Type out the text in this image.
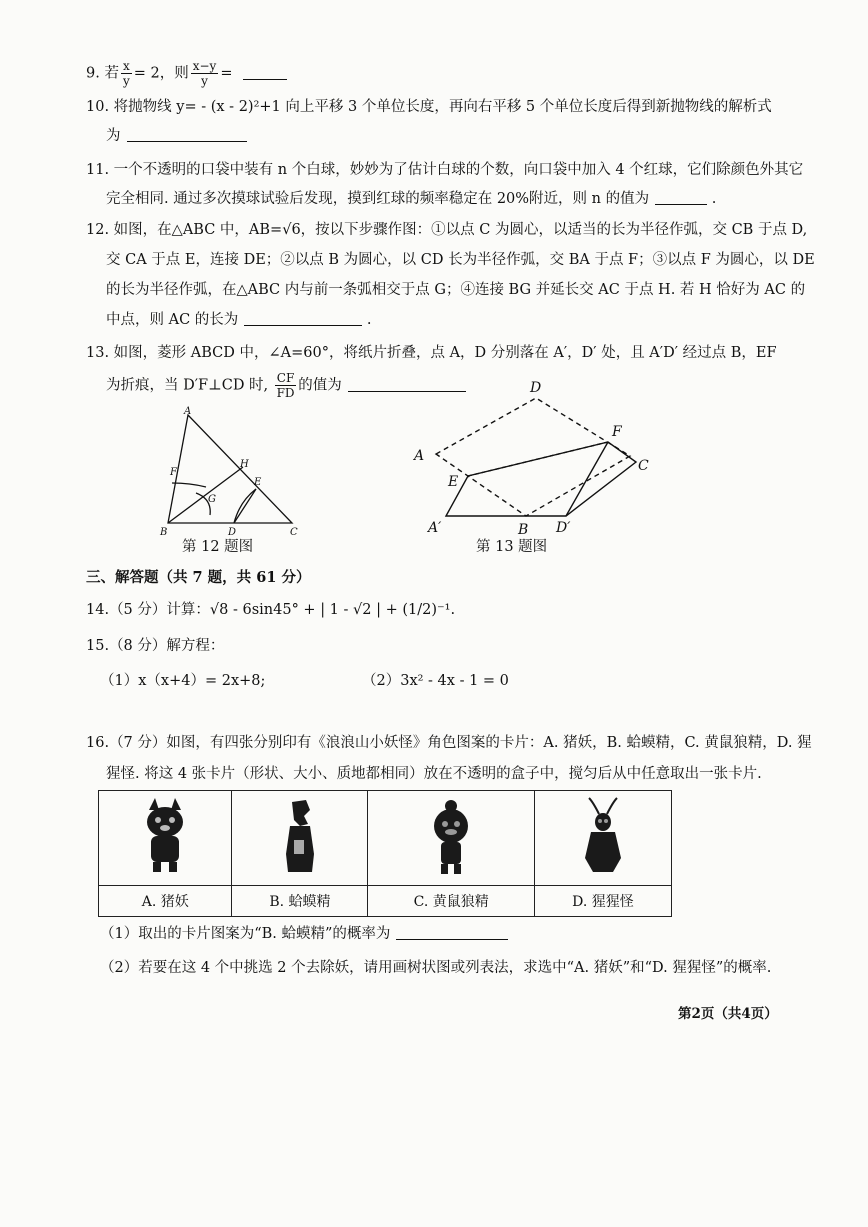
9. 若 $\frac{x}{y} = 2$，则 $\frac{x-y}{y}$ =
10. 将抛物线 y= - (x - 2)²+1 向上平移 3 个单位长度，再向右平移 5 个单位长度后得到新抛物线的解析式
为
11. 一个不透明的口袋中装有 n 个白球，妙妙为了估计白球的个数，向口袋中加入 4 个红球，它们除颜色外其它
完全相同. 通过多次摸球试验后发现，摸到红球的频率稳定在 20%附近，则 n 的值为	.
12. 如图，在△ABC 中，AB=√6，按以下步骤作图：①以点 C 为圆心，以适当的长为半径作弧，交 CB 于点 D,
交 CA 于点 E，连接 DE；②以点 B 为圆心，以 CD 长为半径作弧，交 BA 于点 F；③以点 F 为圆心，以 DE
的长为半径作弧，在△ABC 内与前一条弧相交于点 G；④连接 BG 并延长交 AC 于点 H. 若 H 恰好为 AC 的
中点，则 AC 的长为	.
13. 如图，菱形 ABCD 中，∠A=60°，将纸片折叠，点 A，D 分别落在 A′，D′ 处，且 A′D′ 经过点 B，EF
为折痕，当 D′F⊥CD 时, $\frac{CF}{FD}$ 的值为
A
B	C
D
E
F
G
H
第 12 题图
D
A
F
C
E
A′	B D′
第 13 题图
三、解答题（共 7 题，共 61 分）
14.（5 分）计算：√8 - 6sin45° + | 1 - √2 | + (1/2)⁻¹.
15.（8 分）解方程：
（1）x（x+4）= 2x+8;	（2）3x² - 4x - 1 = 0
16.（7 分）如图，有四张分别印有《浪浪山小妖怪》角色图案的卡片：A. 猪妖，B. 蛤蟆精，C. 黄鼠狼精，D. 猩
猩怪. 将这 4 张卡片（形状、大小、质地都相同）放在不透明的盒子中，搅匀后从中任意取出一张卡片.

A. 猪妖	B. 蛤蟆精	C. 黄鼠狼精	D. 猩猩怪
（1）取出的卡片图案为“B. 蛤蟆精”的概率为
（2）若要在这 4 个中挑选 2 个去除妖，请用画树状图或列表法，求选中“A. 猪妖”和“D. 猩猩怪”的概率.
第2页（共4页）
